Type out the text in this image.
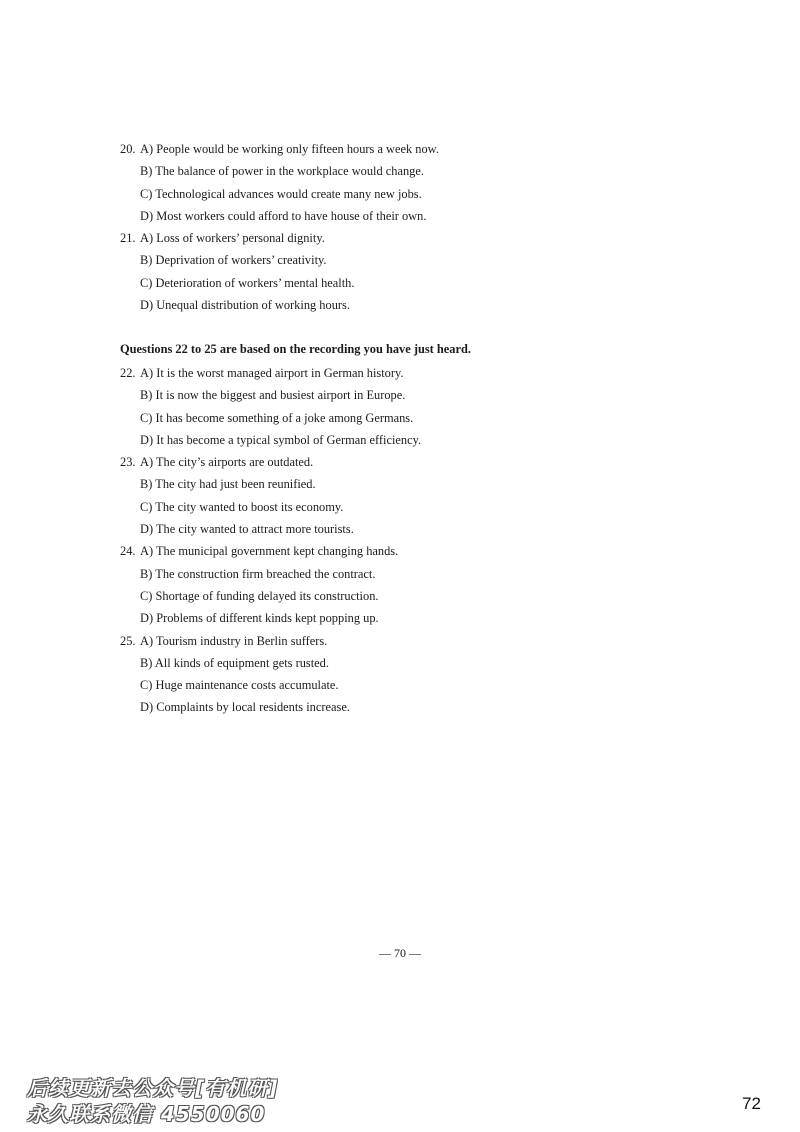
20. A) People would be working only fifteen hours a week now.
B) The balance of power in the workplace would change.
C) Technological advances would create many new jobs.
D) Most workers could afford to have house of their own.
21. A) Loss of workers’ personal dignity.
B) Deprivation of workers’ creativity.
C) Deterioration of workers’ mental health.
D) Unequal distribution of working hours.
Questions 22 to 25 are based on the recording you have just heard.
22. A) It is the worst managed airport in German history.
B) It is now the biggest and busiest airport in Europe.
C) It has become something of a joke among Germans.
D) It has become a typical symbol of German efficiency.
23. A) The city’s airports are outdated.
B) The city had just been reunified.
C) The city wanted to boost its economy.
D) The city wanted to attract more tourists.
24. A) The municipal government kept changing hands.
B) The construction firm breached the contract.
C) Shortage of funding delayed its construction.
D) Problems of different kinds kept popping up.
25. A) Tourism industry in Berlin suffers.
B) All kinds of equipment gets rusted.
C) Huge maintenance costs accumulate.
D) Complaints by local residents increase.
— 70 —
后续更新去公众号[有机研]
永久联系微信 4550060	72
